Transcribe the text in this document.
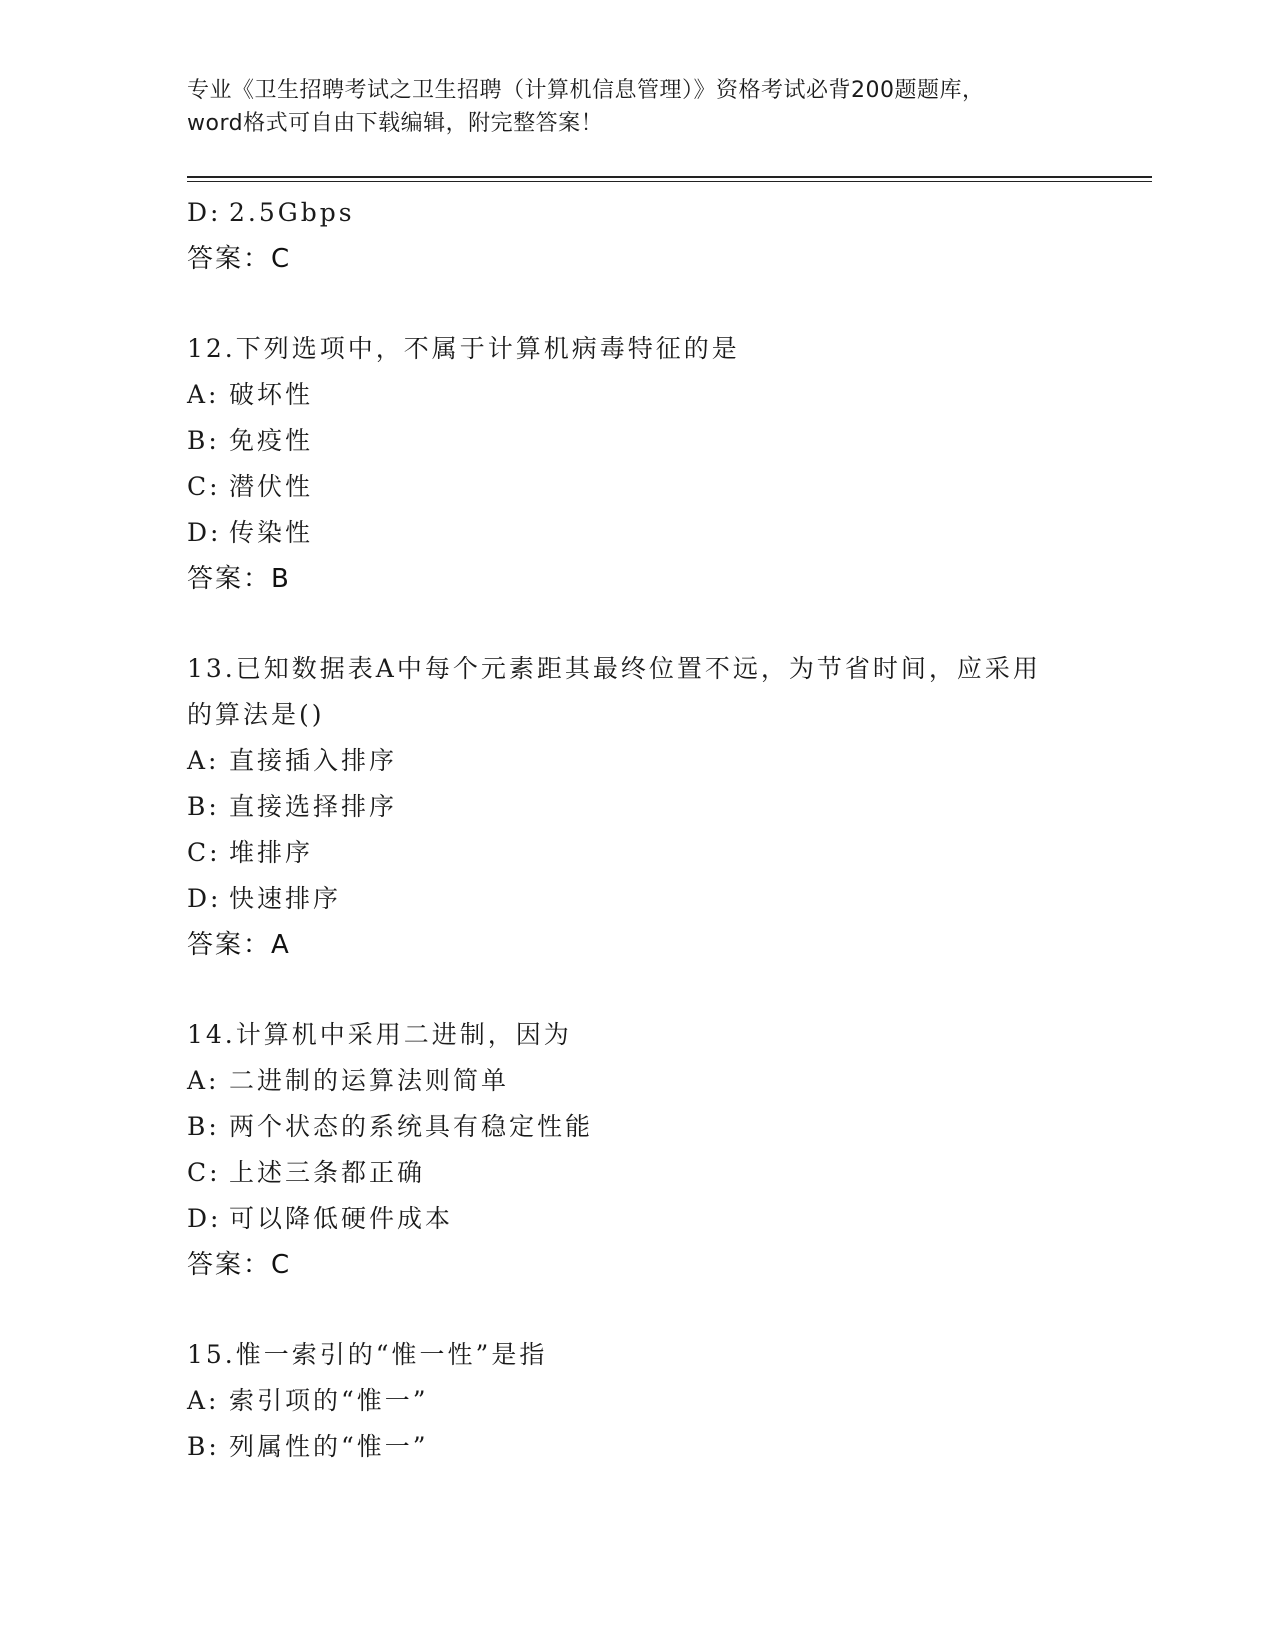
专业《卫生招聘考试之卫生招聘（计算机信息管理）》资格考试必背200题题库，
word格式可自由下载编辑，附完整答案！
D: 2.5Gbps
答案：C
12.下列选项中，不属于计算机病毒特征的是
A: 破坏性
B: 免疫性
C: 潜伏性
D: 传染性
答案：B
13.已知数据表A中每个元素距其最终位置不远，为节省时间，应采用
的算法是()
A: 直接插入排序
B: 直接选择排序
C: 堆排序
D: 快速排序
答案：A
14.计算机中采用二进制，因为
A: 二进制的运算法则简单
B: 两个状态的系统具有稳定性能
C: 上述三条都正确
D: 可以降低硬件成本
答案：C
15.惟一索引的“惟一性”是指
A: 索引项的“惟一”
B: 列属性的“惟一”
